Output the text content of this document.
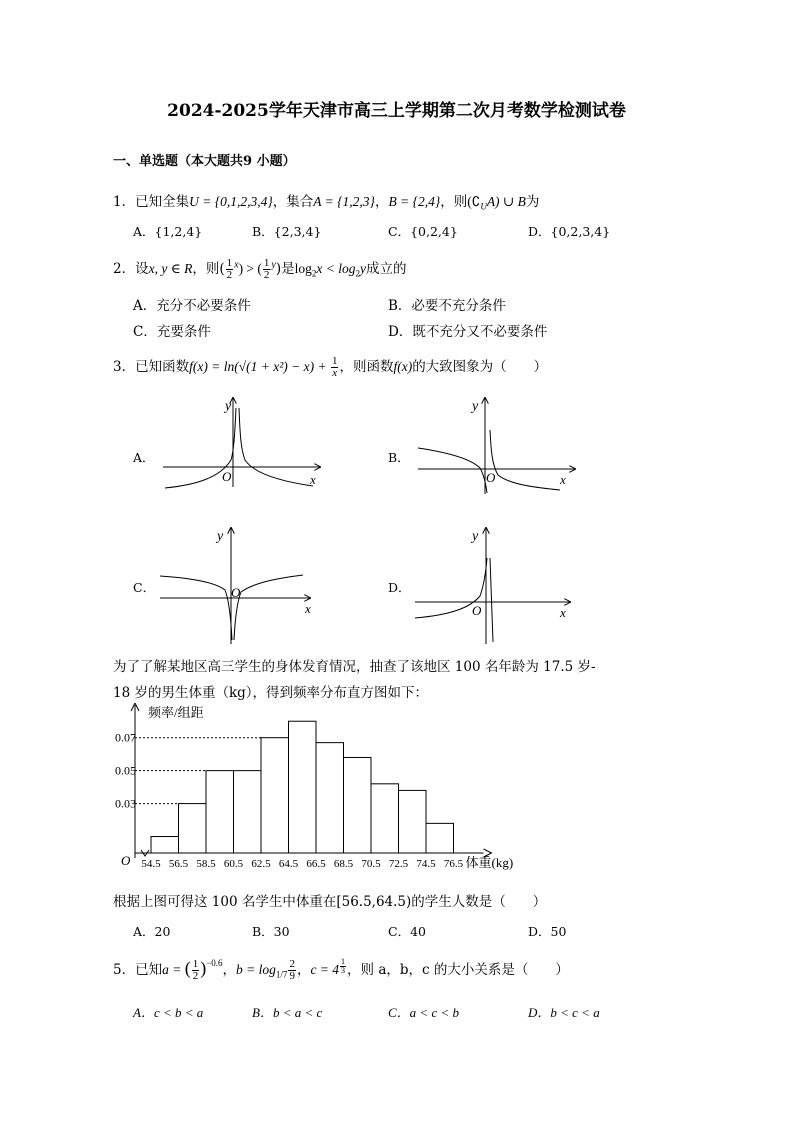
2024-2025学年天津市高三上学期第二次月考数学检测试卷
一、单选题（本大题共9 小题）
1．已知全集U = {0,1,2,3,4}，集合A = {1,2,3}，B = {2,4}，则$(∁_UA)$ ∪ B为
A．{1,2,4}	B．{2,3,4}	C．{0,2,4}	D．{0,2,3,4}
2．设x, y ∈ R，则( $\frac{1}{2} ^x$) > ( $\frac{1}{2} ^y$)是$\log_2x < \log_2y$成立的
A．充分不必要条件	B．必要不充分条件
C．充要条件	D．既不充分又不必要条件
3．已知函数$f(x) = \ln(√(1 + x^2) - x) + \frac{1}{x}$ ，则函数f(x)的大致图象为（　　）
A．	B．
C．	D．
y
O	x
y
O	x
y
O
x
y
O	x
为了了解某地区高三学生的身体发育情况，抽查了该地区 100 名年龄为 17.5 岁-
18 岁的男生体重（kg），得到频率分布直方图如下：
0.03
0.05
0.07
54.5 56.5 58.5 60.5 62.5 64.5 66.5 68.5 70.5 72.5 74.5 76.5
频率/组距
体重(kg)
O
根据上图可得这 100 名学生中体重在[56.5,64.5)的学生人数是（　　）
A．20	B．30	C．40	D．50
5．已知a = ( $\frac{1}{2} )^{-0.6}$，$b = \log_{1/7} \frac{2}{9}$ ，$c = 4 \frac{1}{3}$ ，则 a，b，c 的大小关系是（　　）
A．c < b < a	B．b < a < c	C．a < c < b	D．b < c < a
